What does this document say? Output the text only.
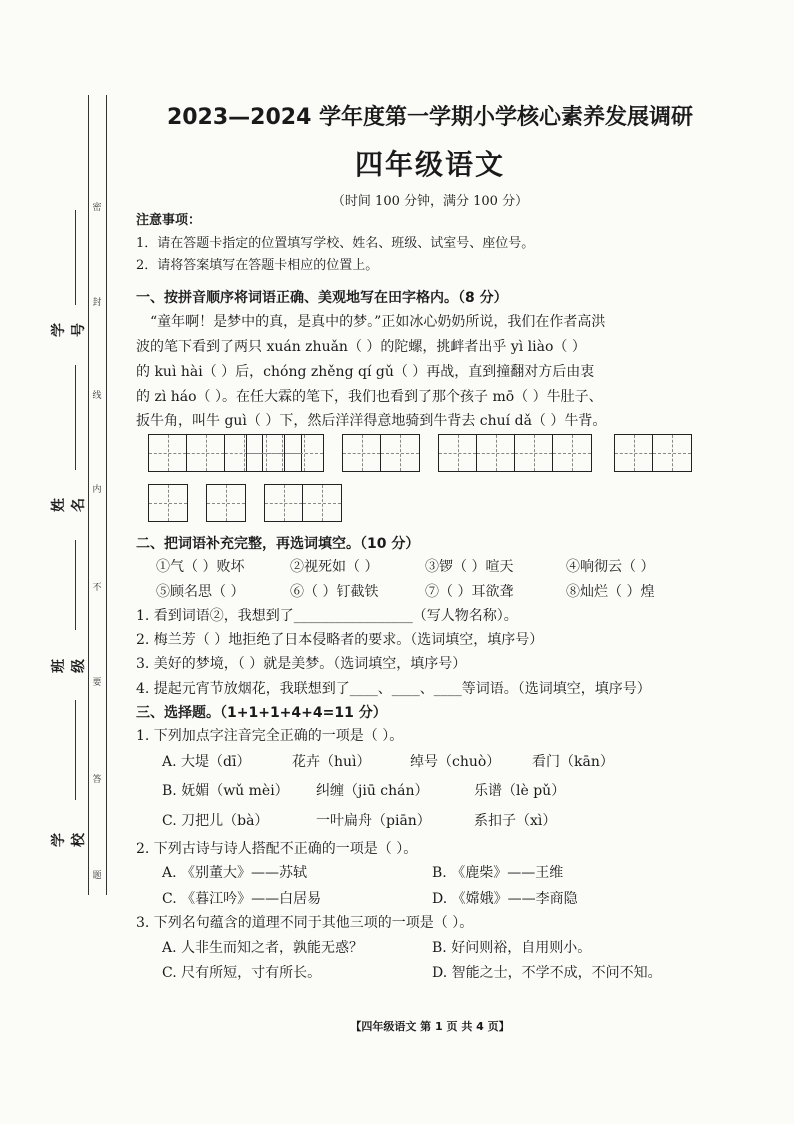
密
封
线
内
不
要
答
题
学号
姓名
班级
学校
2023—2024 学年度第一学期小学核心素养发展调研
四年级语文
（时间 100 分钟，满分 100 分）
注意事项：
1．请在答题卡指定的位置填写学校、姓名、班级、试室号、座位号。
2．请将答案填写在答题卡相应的位置上。
一、按拼音顺序将词语正确、美观地写在田字格内。（8 分）
“童年啊！是梦中的真，是真中的梦。”正如冰心奶奶所说，我们在作者高洪
波的笔下看到了两只 xuán zhuǎn（ ）的陀螺，挑衅者出乎 yì liào（ ）
的 kuì hài（ ）后，chóng zhěng qí gǔ（ ）再战，直到撞翻对方后由衷
的 zì háo（ ）。在任大霖的笔下，我们也看到了那个孩子 mō（ ）牛肚子、
扳牛角，叫牛 guì（ ）下，然后洋洋得意地骑到牛背去 chuí dǎ（ ）牛背。
二、把词语补充完整，再选词填空。（10 分）
①气（ ）败坏	②视死如（ ）	③锣（ ）喧天	④响彻云（ ）
⑤顾名思（ ）	⑥（ ）钉截铁	⑦（ ）耳欲聋	⑧灿烂（ ）煌
1. 看到词语②，我想到了_________________（写人物名称）。
2. 梅兰芳（ ）地拒绝了日本侵略者的要求。（选词填空，填序号）
3. 美好的梦境，（ ）就是美梦。（选词填空，填序号）
4. 提起元宵节放烟花，我联想到了____、____、____等词语。（选词填空，填序号）
三、选择题。（1+1+1+4+4=11 分）
1. 下列加点字注音完全正确的一项是（ ）。
A. 大堤（dī）	花卉（huì）	绰号（chuò） 看门（kān）
B. 妩媚（wǔ mèi） 纠缠（jiū chán）	乐谱（lè pǔ）
C. 刀把儿（bà）	一叶扁舟（piān）	系扣子（xì）
2. 下列古诗与诗人搭配不正确的一项是（ ）。
A. 《别董大》——苏轼	B. 《鹿柴》——王维
C. 《暮江吟》——白居易	D. 《嫦娥》——李商隐
3. 下列名句蕴含的道理不同于其他三项的一项是（ ）。
A. 人非生而知之者，孰能无惑？	B. 好问则裕，自用则小。
C. 尺有所短，寸有所长。	D. 智能之士，不学不成，不问不知。
【四年级语文 第 1 页 共 4 页】
